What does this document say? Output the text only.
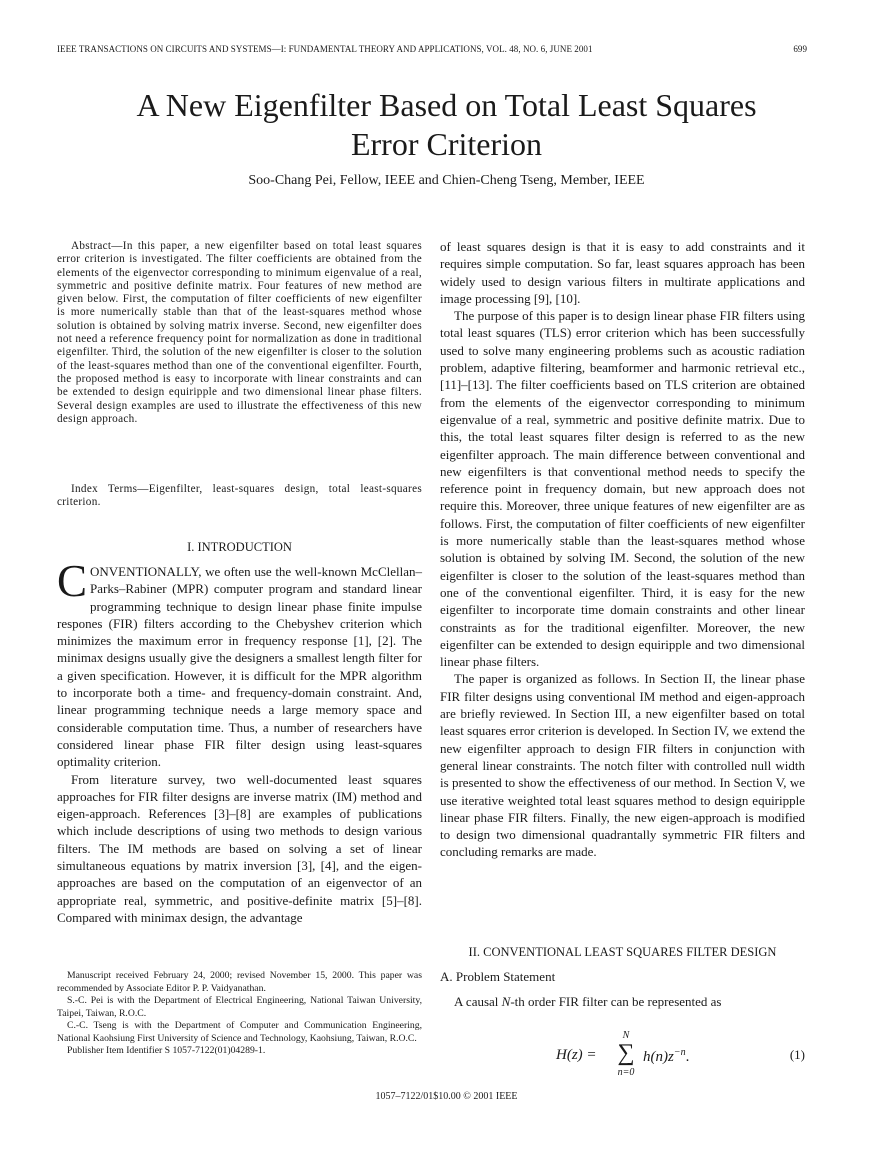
IEEE TRANSACTIONS ON CIRCUITS AND SYSTEMS—I: FUNDAMENTAL THEORY AND APPLICATIONS, VOL. 48, NO. 6, JUNE 2001	699
A New Eigenfilter Based on Total Least Squares
Error Criterion
Soo-Chang Pei, Fellow, IEEE and Chien-Cheng Tseng, Member, IEEE

Abstract—In this paper, a new eigenfilter based on total least squares error criterion is investigated. The filter coefficients are obtained from the elements of the eigenvector corresponding to minimum eigenvalue of a real, symmetric and positive definite matrix. Four features of new method are given below. First, the computation of filter coefficients of new eigenfilter is more numerically stable than that of the least-squares method whose solution is obtained by solving matrix inverse. Second, new eigenfilter does not need a reference frequency point for normalization as done in traditional eigenfilter. Third, the solution of the new eigenfilter is closer to the solution of the least-squares method than one of the conventional eigenfilter. Fourth, the proposed method is easy to incorporate with linear constraints and can be extended to design equiripple and two dimensional linear phase filters. Several design examples are used to illustrate the effectiveness of this new design approach.

Index Terms—Eigenfilter, least-squares design, total least-squares criterion.

I. INTRODUCTION

CONVENTIONALLY, we often use the well-known McClellan–Parks–Rabiner (MPR) computer program and standard linear programming technique to design linear phase finite impulse respones (FIR) filters according to the Chebyshev criterion which minimizes the maximum error in frequency response [1], [2]. The minimax designs usually give the designers a smallest length filter for a given specification. However, it is difficult for the MPR algorithm to incorporate both a time- and frequency-domain constraint. And, linear programming technique needs a large memory space and considerable computation time. Thus, a number of researchers have considered linear phase FIR filter design using least-squares optimality criterion.

From literature survey, two well-documented least squares approaches for FIR filter designs are inverse matrix (IM) method and eigen-approach. References [3]–[8] are examples of publications which include descriptions of using two methods to design various filters. The IM methods are based on solving a set of linear simultaneous equations by matrix inversion [3], [4], and the eigen-approaches are based on the computation of an eigenvector of an appropriate real, symmetric, and positive-definite matrix [5]–[8]. Compared with minimax design, the advantage

Manuscript received February 24, 2000; revised November 15, 2000. This paper was recommended by Associate Editor P. P. Vaidyanathan.

S.-C. Pei is with the Department of Electrical Engineering, National Taiwan University, Taipei, Taiwan, R.O.C.

C.-C. Tseng is with the Department of Computer and Communication Engineering, National Kaohsiung First University of Science and Technology, Kaohsiung, Taiwan, R.O.C.

Publisher Item Identifier S 1057-7122(01)04289-1.

of least squares design is that it is easy to add constraints and it requires simple computation. So far, least squares approach has been widely used to design various filters in multirate applications and image processing [9], [10].

The purpose of this paper is to design linear phase FIR filters using total least squares (TLS) error criterion which has been successfully used to solve many engineering problems such as acoustic radiation problem, adaptive filtering, beamformer and harmonic retrieval etc., [11]–[13]. The filter coefficients based on TLS criterion are obtained from the elements of the eigenvector corresponding to minimum eigenvalue of a real, symmetric and positive definite matrix. Due to this, the total least squares filter design is referred to as the new eigenfilter approach. The main difference between conventional and new eigenfilters is that conventional method needs to specify the reference point in frequency domain, but new approach does not require this. Moreover, three unique features of new eigenfilter are as follows. First, the computation of filter coefficients of new eigenfilter is more numerically stable than the least-squares method whose solution is obtained by solving IM. Second, the solution of the new eigenfilter is closer to the solution of the least-squares method than one of the conventional eigenfilter. Third, it is easy for the new eigenfilter to incorporate time domain constraints and other linear constraints as for the traditional eigenfilter. Moreover, the new eigenfilter can be extended to design equiripple and two dimensional linear phase filters.

The paper is organized as follows. In Section II, the linear phase FIR filter designs using conventional IM method and eigen-approach are briefly reviewed. In Section III, a new eigenfilter based on total least squares error criterion is developed. In Section IV, we extend the new eigenfilter approach to design FIR filters in conjunction with general linear constraints. The notch filter with controlled null width is presented to show the effectiveness of our method. In Section V, we use iterative weighted total least squares method to design equiripple linear phase FIR filters. Finally, the new eigen-approach is modified to design two dimensional quadrantally symmetric FIR filters and concluding remarks are made.

II. CONVENTIONAL LEAST SQUARES FILTER DESIGN

A. Problem Statement

A causal N-th order FIR filter can be represented as

H(z) =
N
∑
n=0
$h(n)z^{-n}$.	(1)
1057–7122/01$10.00 © 2001 IEEE
